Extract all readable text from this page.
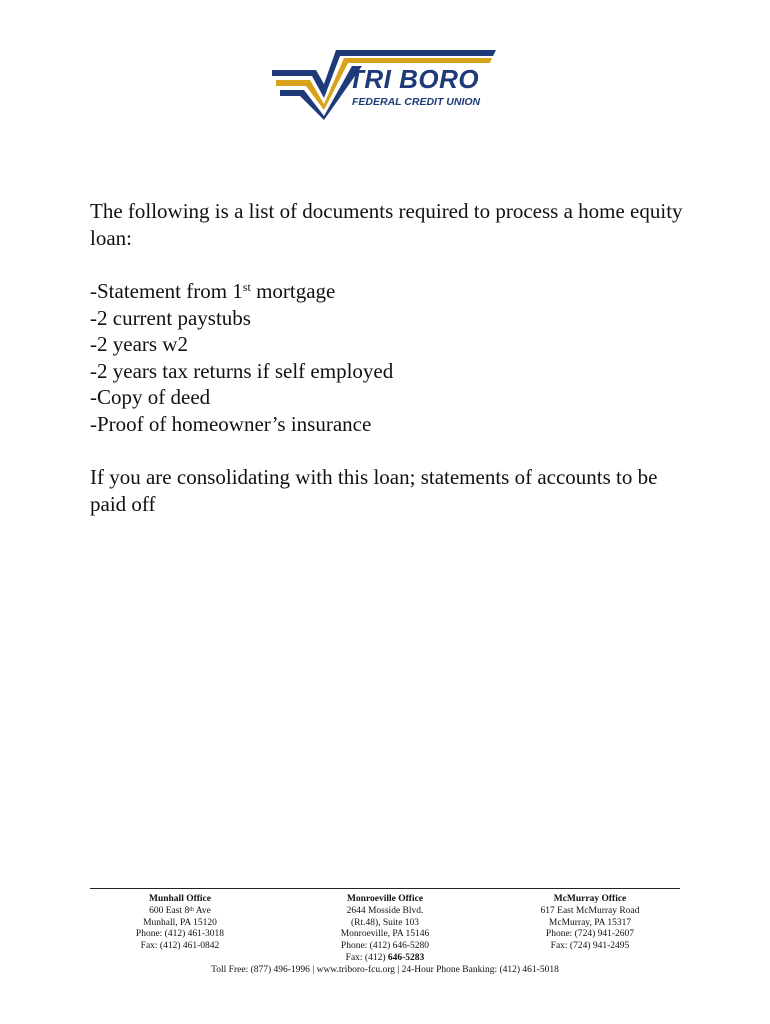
TRI BORO
FEDERAL CREDIT UNION

The following is a list of documents required to process a home equity loan:

-Statement from 1st mortgage

-2 current paystubs

-2 years w2

-2 years tax returns if self employed

-Copy of deed

-Proof of homeowner’s insurance

If you are consolidating with this loan; statements of accounts to be paid off

Munhall Office
600 East 8th Ave
Munhall, PA 15120
Phone: (412) 461-3018
Fax: (412) 461-0842
Monroeville Office
2644 Mosside Blvd.
(Rt.48), Suite 103
Monroeville, PA 15146
Phone: (412) 646-5280
Fax: (412) 646-5283
McMurray Office
617 East McMurray Road
McMurray, PA 15317
Phone: (724) 941-2607
Fax: (724) 941-2495
Toll Free: (877) 496-1996 | www.triboro-fcu.org | 24-Hour Phone Banking: (412) 461-5018
